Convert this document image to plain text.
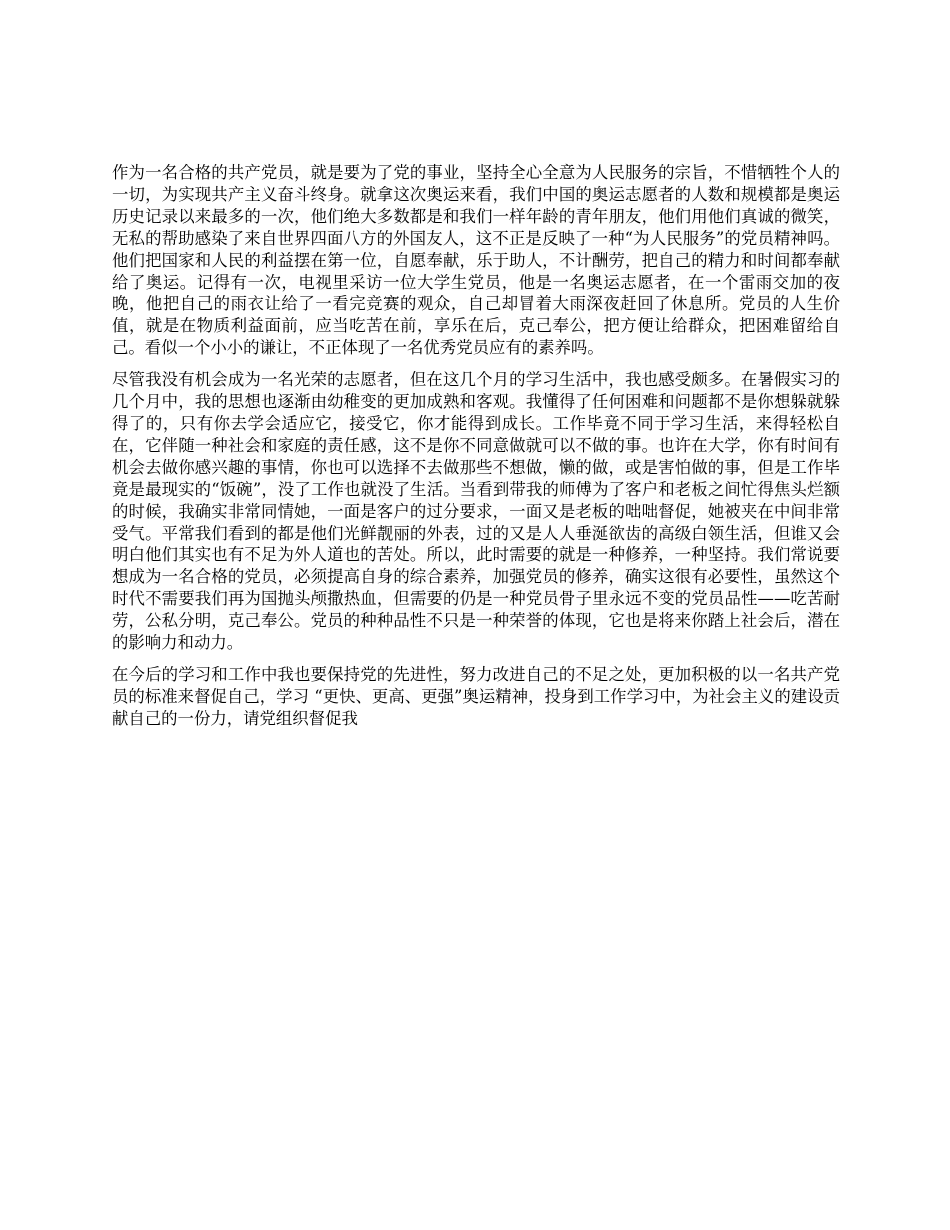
作为一名合格的共产党员，就是要为了党的事业，坚持全心全意为人民服务的宗旨，不惜牺牲个人的一切，为实现共产主义奋斗终身。就拿这次奥运来看，我们中国的奥运志愿者的人数和规模都是奥运历史记录以来最多的一次，他们绝大多数都是和我们一样年龄的青年朋友，他们用他们真诚的微笑，无私的帮助感染了来自世界四面八方的外国友人，这不正是反映了一种“为人民服务”的党员精神吗。他们把国家和人民的利益摆在第一位，自愿奉献，乐于助人，不计酬劳，把自己的精力和时间都奉献给了奥运。记得有一次，电视里采访一位大学生党员，他是一名奥运志愿者，在一个雷雨交加的夜晚，他把自己的雨衣让给了一看完竞赛的观众，自己却冒着大雨深夜赶回了休息所。党员的人生价值，就是在物质利益面前，应当吃苦在前，享乐在后，克己奉公，把方便让给群众，把困难留给自己。看似一个小小的谦让，不正体现了一名优秀党员应有的素养吗。

尽管我没有机会成为一名光荣的志愿者，但在这几个月的学习生活中，我也感受颇多。在暑假实习的几个月中，我的思想也逐渐由幼稚变的更加成熟和客观。我懂得了任何困难和问题都不是你想躲就躲得了的，只有你去学会适应它，接受它，你才能得到成长。工作毕竟不同于学习生活，来得轻松自在，它伴随一种社会和家庭的责任感，这不是你不同意做就可以不做的事。也许在大学，你有时间有机会去做你感兴趣的事情，你也可以选择不去做那些不想做，懒的做，或是害怕做的事，但是工作毕竟是最现实的“饭碗”，没了工作也就没了生活。当看到带我的师傅为了客户和老板之间忙得焦头烂额的时候，我确实非常同情她，一面是客户的过分要求，一面又是老板的咄咄督促，她被夹在中间非常受气。平常我们看到的都是他们光鲜靓丽的外表，过的又是人人垂涎欲齿的高级白领生活，但谁又会明白他们其实也有不足为外人道也的苦处。所以，此时需要的就是一种修养，一种坚持。我们常说要想成为一名合格的党员，必须提高自身的综合素养，加强党员的修养，确实这很有必要性，虽然这个时代不需要我们再为国抛头颅撒热血，但需要的仍是一种党员骨子里永远不变的党员品性——吃苦耐劳，公私分明，克己奉公。党员的种种品性不只是一种荣誉的体现，它也是将来你踏上社会后，潜在的影响力和动力。

在今后的学习和工作中我也要保持党的先进性，努力改进自己的不足之处，更加积极的以一名共产党员的标准来督促自己，学习 “更快、更高、更强”奥运精神，投身到工作学习中，为社会主义的建设贡献自己的一份力，请党组织督促我
